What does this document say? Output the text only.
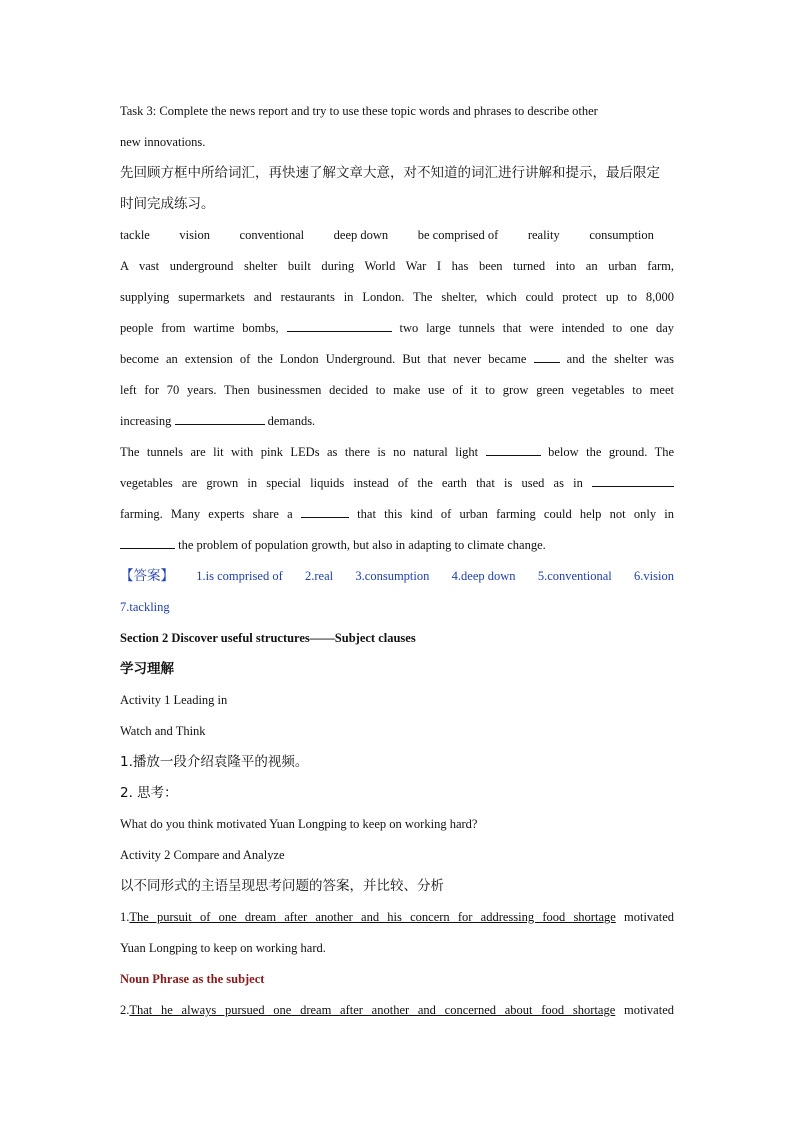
Task 3: Complete the news report and try to use these topic words and phrases to describe other
new innovations.
先回顾方框中所给词汇，再快速了解文章大意，对不知道的词汇进行讲解和提示，最后限定
时间完成练习。
tackle vision conventional deep down be comprised of reality consumption
A vast underground shelter built during World War I has been turned into an urban farm,
supplying supermarkets and restaurants in London. The shelter, which could protect up to 8,000
people from wartime bombs,	two large tunnels that were intended to one day
become an extension of the London Underground. But that never became	and the shelter was
left for 70 years. Then businessmen decided to make use of it to grow green vegetables to meet
increasing	demands.
The tunnels are lit with pink LEDs as there is no natural light	below the ground. The
vegetables are grown in special liquids instead of the earth that is used as in
farming. Many experts share a	that this kind of urban farming could help not only in
the problem of population growth, but also in adapting to climate change.
【答案】 1.is comprised of 2.real 3.consumption 4.deep down 5.conventional 6.vision
7.tackling
Section 2 Discover useful structures——Subject clauses
学习理解
Activity 1 Leading in
Watch and Think
1.播放一段介绍袁隆平的视频。
2. 思考：
What do you think motivated Yuan Longping to keep on working hard?
Activity 2 Compare and Analyze
以不同形式的主语呈现思考问题的答案，并比较、分析
1.The pursuit of one dream after another and his concern for addressing food shortage motivated
Yuan Longping to keep on working hard.
Noun Phrase as the subject
2.That he always pursued one dream after another and concerned about food shortage motivated
